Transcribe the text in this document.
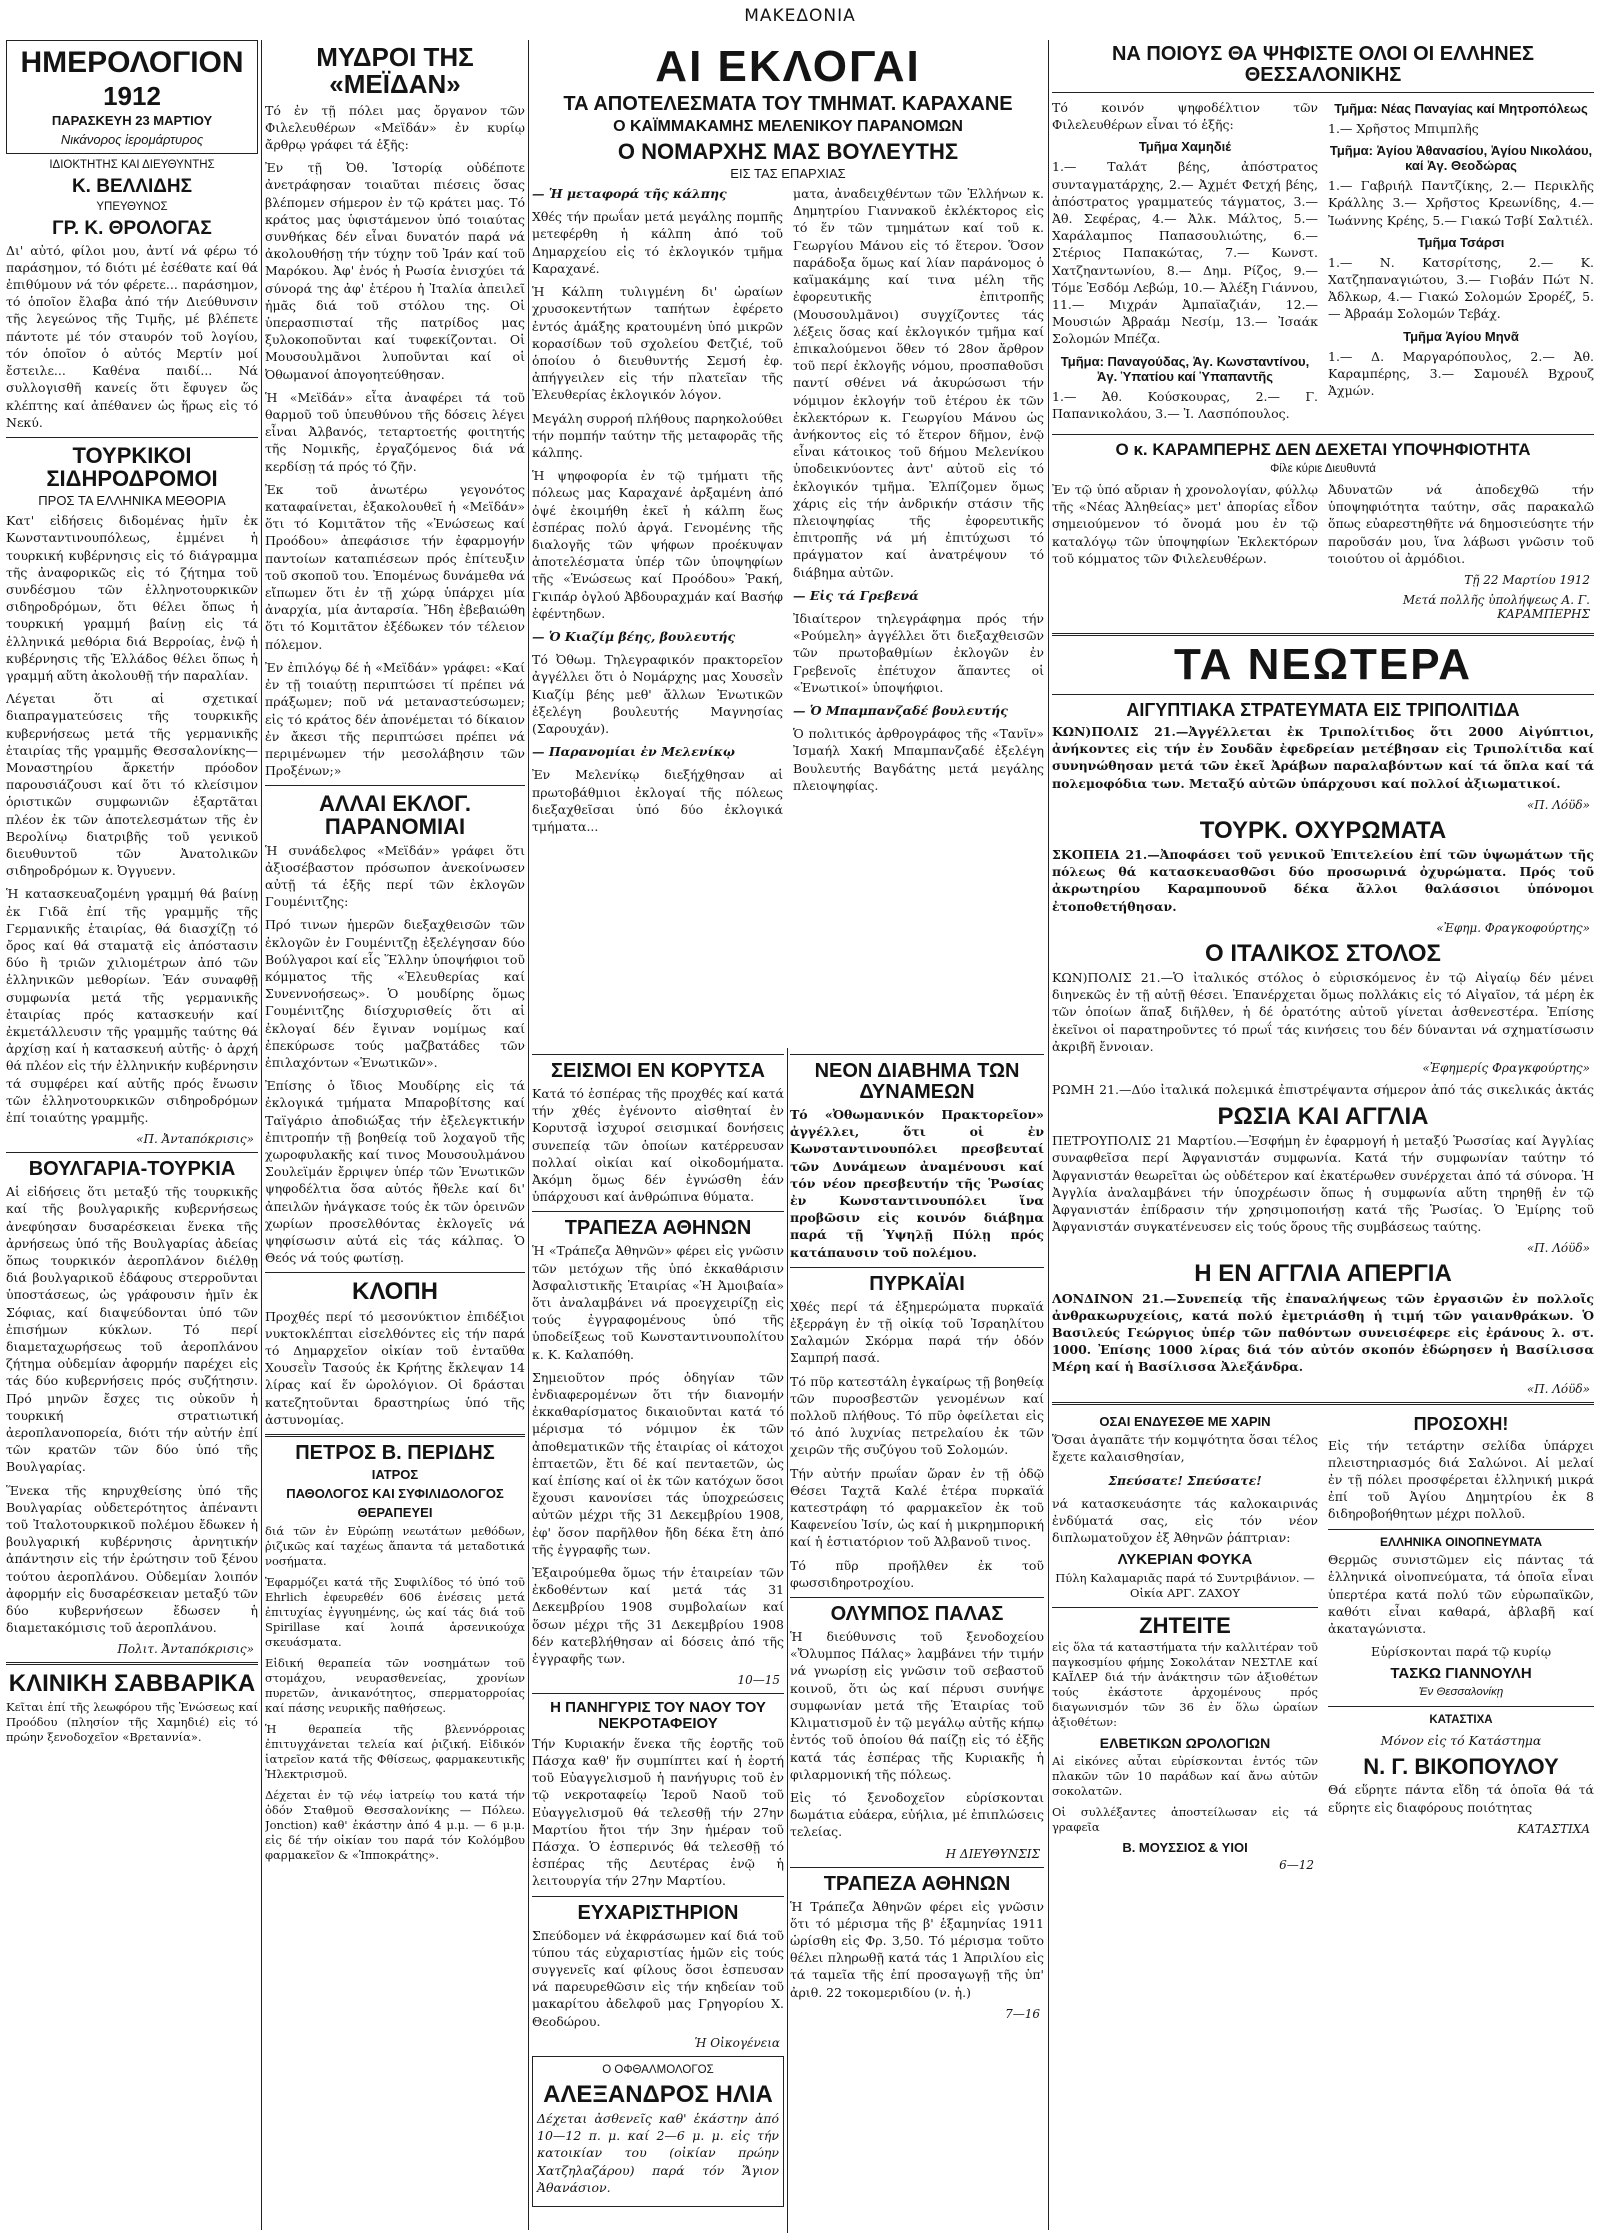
ΜΑΚΕΔΟΝΙΑ
ΗΜΕΡΟΛΟΓΙΟΝ
1912
ΠΑΡΑΣΚΕΥΗ 23 ΜΑΡΤΙΟΥ
Νικάνορος ἱερομάρτυρος
ΙΔΙΟΚΤΗΤΗΣ ΚΑΙ ΔΙΕΥΘΥΝΤΗΣ
Κ. ΒΕΛΛΙΔΗΣ
ΥΠΕΥΘΥΝΟΣ
ΓΡ. Κ. ΘΡΟΛΟΓΑΣ

Δι' αὐτό, φίλοι μου, ἀντί νά φέρω τό παράσημον, τό διότι μέ ἐσέθατε καί θά ἐπιθύμουν νά τόν φέρετε... παράσημον, τό ὁποῖον ἔλαβα ἀπό τήν Διεύθυνσιν τῆς λεγεώνος τῆς Τιμῆς, μέ βλέπετε πάντοτε μέ τόν σταυρόν τοῦ λογίου, τόν ὁποῖον ὁ αὐτός Μερτίν μοί ἔστειλε... Καθένα παιδί... Νά συλλογισθῆ κανείς ὅτι ἔφυγεν ὥς κλέπτης καί ἀπέθανεν ὡς ἥρως εἰς τό Νεκύ.

ΤΟΥΡΚΙΚΟΙ ΣΙΔΗΡΟΔΡΟΜΟΙ
ΠΡΟΣ ΤΑ ΕΛΛΗΝΙΚΑ ΜΕΘΟΡΙΑ

Κατ' εἰδήσεις διδομένας ἡμῖν ἐκ Κωνσταντινουπόλεως, ἐμμένει ἡ τουρκική κυβέρνησις εἰς τό διάγραμμα τῆς ἀναφορικῶς εἰς τό ζήτημα τοῦ συνδέσμου τῶν ἑλληνοτουρκικῶν σιδηροδρόμων, ὅτι θέλει ὅπως ἡ τουρκική γραμμή βαίνῃ εἰς τά ἑλληνικά μεθόρια διά Βερροίας, ἐνῷ ἡ κυβέρνησις τῆς Ἑλλάδος θέλει ὅπως ἡ γραμμή αὕτη ἀκολουθῇ τήν παραλίαν.

Λέγεται ὅτι αἱ σχετικαί διαπραγματεύσεις τῆς τουρκικῆς κυβερνήσεως μετά τῆς γερμανικῆς ἑταιρίας τῆς γραμμῆς Θεσσαλονίκης—Μοναστηρίου ἄρκετήν πρόοδον παρουσιάζουσι καί ὅτι τό κλείσιμον ὁριστικῶν συμφωνιῶν ἐξαρτᾶται πλέον ἐκ τῶν ἀποτελεσμάτων τῆς ἐν Βερολίνῳ διατριβῆς τοῦ γενικοῦ διευθυντοῦ τῶν Ἀνατολικῶν σιδηροδρόμων κ. Ὀγγυενν.

Ἡ κατασκευαζομένη γραμμή θά βαίνῃ ἐκ Γιδᾶ ἐπί τῆς γραμμῆς τῆς Γερμανικῆς ἑταιρίας, θά διασχίζῃ τό ὄρος καί θά σταματᾷ εἰς ἀπόστασιν δύο ἢ τριῶν χιλιομέτρων ἀπό τῶν ἑλληνικῶν μεθορίων. Ἐάν συναφθῇ συμφωνία μετά τῆς γερμανικῆς ἑταιρίας πρός κατασκευήν καί ἐκμετάλλευσιν τῆς γραμμῆς ταύτης θά ἀρχίσῃ καί ἡ κατασκευή αὐτῆς· ὁ ἀρχή θά πλέον εἰς τήν ἑλληνικήν κυβέρνησιν τά συμφέρει καί αὐτῆς πρός ἔνωσιν τῶν ἑλληνοτουρκικῶν σιδηροδρόμων ἐπί τοιαύτης γραμμῆς.

«Π. Ἀνταπόκρισις»
ΒΟΥΛΓΑΡΙΑ-ΤΟΥΡΚΙΑ

Αἱ εἰδήσεις ὅτι μεταξύ τῆς τουρκικῆς καί τῆς βουλγαρικῆς κυβερνήσεως ἀνεφύησαν δυσαρέσκειαι ἕνεκα τῆς ἀρνήσεως ὑπό τῆς Βουλγαρίας ἀδείας ὅπως τουρκικόν ἀεροπλάνον διέλθῃ διά βουλγαρικοῦ ἐδάφους στερροῦνται ὑποστάσεως, ὡς γράφουσιν ἡμῖν ἐκ Σόφιας, καί διαψεύδονται ὑπό τῶν ἐπισήμων κύκλων. Τό περί διαμεταχωρήσεως τοῦ ἀεροπλάνου ζήτημα οὐδεμίαν ἀφορμήν παρέχει εἰς τάς δύο κυβερνήσεις πρός συζήτησιν. Πρό μηνῶν ἔσχες τις οὐκοῦν ἡ τουρκική στρατιωτική ἀεροπλανοπορεία, διότι τήν αὐτήν ἐπί τῶν κρατῶν τῶν δύο ὑπό τῆς Βουλγαρίας.

Ἕνεκα τῆς κηρυχθείσης ὑπό τῆς Βουλγαρίας οὐδετερότητος ἀπέναντι τοῦ Ἰταλοτουρκικοῦ πολέμου ἔδωκεν ἡ βουλγαρική κυβέρνησις ἀρνητικήν ἀπάντησιν εἰς τήν ἐρώτησιν τοῦ ξένου τούτου ἀεροπλάνου. Οὐδεμίαν λοιπόν ἀφορμήν εἰς δυσαρέσκειαν μεταξύ τῶν δύο κυβερνήσεων ἔδωσεν ἡ διαμετακόμισις τοῦ ἀεροπλάνου.

Πολιτ. Ἀνταπόκρισις»
ΚΛΙΝΙΚΗ ΣΑΒΒΑΡΙΚΑ

Κεῖται ἐπί τῆς λεωφόρου τῆς Ἐνώσεως καί Προόδου (πλησίον τῆς Χαμηδιέ) εἰς τό πρώην ξενοδοχεῖον «Βρεταννία».

ΜΥΔΡΟΙ ΤΗΣ «ΜΕΪΔΑΝ»

Τό ἐν τῇ πόλει μας ὄργανον τῶν Φιλελευθέρων «Μεϊδάν» ἐν κυρίῳ ἄρθρῳ γράφει τά ἑξῆς:

Ἐν τῇ Ὀθ. Ἱστορίᾳ οὐδέποτε ἀνετράφησαν τοιαῦται πιέσεις ὅσας βλέπομεν σήμερον ἐν τῷ κράτει μας. Τό κράτος μας ὑφιστάμενον ὑπό τοιαύτας συνθήκας δέν εἶναι δυνατόν παρά νά ἀκολουθήσῃ τήν τύχην τοῦ Ἰράν καί τοῦ Μαρόκου. Ἀφ' ἑνός ἡ Ρωσία ἐνισχύει τά σύνορά της ἀφ' ἑτέρου ἡ Ἰταλία ἀπειλεῖ ἡμᾶς διά τοῦ στόλου της. Οἱ ὑπερασπισταί τῆς πατρίδος μας ξυλοκοποῦνται καί τυφεκίζονται. Οἱ Μουσουλμᾶνοι λυποῦνται καί οἱ Ὀθωμανοί ἀπογοητεύθησαν.

Ἡ «Μεϊδάν» εἶτα ἀναφέρει τά τοῦ θαρμοῦ τοῦ ὑπευθύνου τῆς δόσεις λέγει εἶναι Ἀλβανός, τεταρτοετής φοιτητής τῆς Νομικῆς, ἐργαζόμενος διά νά κερδίσῃ τά πρός τό ζῆν.

Ἐκ τοῦ ἀνωτέρω γεγονότος καταφαίνεται, ἐξακολουθεῖ ἡ «Μεϊδάν» ὅτι τό Κομιτᾶτον τῆς «Ἑνώσεως καί Προόδου» ἀπεφάσισε τήν ἐφαρμογήν παντοίων καταπιέσεων πρός ἐπίτευξιν τοῦ σκοποῦ του. Ἐπομένως δυνάμεθα νά εἴπωμεν ὅτι ἐν τῇ χώρᾳ ὑπάρχει μία ἀναρχία, μία ἀνταρσία. Ἤδη ἐβεβαιώθη ὅτι τό Κομιτᾶτον ἐξέδωκεν τόν τέλειον πόλεμον.

Ἐν ἐπιλόγῳ δέ ἡ «Μεϊδάν» γράφει: «Καί ἐν τῇ τοιαύτῃ περιπτώσει τί πρέπει νά πράξωμεν; ποῦ νά μεταναστεύσωμεν; εἰς τό κράτος δέν ἀπονέμεται τό δίκαιον ἐν ἄκεσι τῆς περιπτώσει πρέπει νά περιμένωμεν τήν μεσολάβησιν τῶν Προξένων;»

ΑΛΛΑΙ ΕΚΛΟΓ. ΠΑΡΑΝΟΜΙΑΙ

Ἡ συνάδελφος «Μεϊδάν» γράφει ὅτι ἀξιοσέβαστον πρόσωπον ἀνεκοίνωσεν αὐτῇ τά ἑξῆς περί τῶν ἐκλογῶν Γουμένιτζης:

Πρό τινων ἡμερῶν διεξαχθεισῶν τῶν ἐκλογῶν ἐν Γουμένιτζῃ ἐξελέγησαν δύο Βούλγαροι καί εἷς Ἕλλην ὑποψήφιοι τοῦ κόμματος τῆς «Ἐλευθερίας καί Συνεννοήσεως». Ὁ μουδίρης ὅμως Γουμένιτζης διίσχυρισθείς ὅτι αἱ ἐκλογαί δέν ἔγιναν νομίμως καί ἐπεκύρωσε τούς μαζβατάδες τῶν ἐπιλαχόντων «Ἑνωτικῶν».

Ἐπίσης ὁ ἴδιος Μουδίρης εἰς τά ἐκλογικά τμήματα Μπαροβίτσης καί Ταϊγάριο ἀποδιώξας τήν ἐξελεγκτικήν ἐπιτροπήν τῇ βοηθείᾳ τοῦ λοχαγοῦ τῆς χωροφυλακῆς καί τινος Μουσουλμάνου Σουλεϊμάν ἔρριψεν ὑπέρ τῶν Ἑνωτικῶν ψηφοδέλτια ὅσα αὐτός ἤθελε καί δι' ἀπειλῶν ἠνάγκασε τούς ἐκ τῶν ὁρεινῶν χωρίων προσελθόντας ἐκλογεῖς νά ψηφίσωσιν αὐτά εἰς τάς κάλπας. Ὁ Θεός νά τούς φωτίσῃ.

ΚΛΟΠΗ

Προχθές περί τό μεσονύκτιον ἐπιδέξιοι νυκτοκλέπται εἰσελθόντες εἰς τήν παρά τό Δημαρχεῖον οἰκίαν τοῦ ἐνταῦθα Χουσεῒν Τασούς ἐκ Κρήτης ἔκλεψαν 14 λίρας καί ἕν ὡρολόγιον. Οἱ δράσται κατεζητοῦνται δραστηρίως ὑπό τῆς ἀστυνομίας.

ΠΕΤΡΟΣ Β. ΠΕΡΙΔΗΣ
ΙΑΤΡΟΣ
ΠΑΘΟΛΟΓΟΣ ΚΑΙ ΣΥΦΙΛΙΔΟΛΟΓΟΣ
ΘΕΡΑΠΕΥΕΙ

διά τῶν ἐν Εὐρώπῃ νεωτάτων μεθόδων, ῥιζικῶς καί ταχέως ἅπαντα τά μεταδοτικά νοσήματα.

Ἐφαρμόζει κατά τῆς Συφιλίδος τό ὑπό τοῦ Ehrlich ἐφευρεθέν 606 ἐνέσεις μετά ἐπιτυχίας ἐγγυημένης, ὡς καί τάς διά τοῦ Spirillase καί λοιπά ἀρσενικούχα σκευάσματα.

Εἰδική θεραπεία τῶν νοσημάτων τοῦ στομάχου, νευρασθενείας, χρονίων πυρετῶν, ἀνικανότητος, σπερματορροίας καί πάσης νευρικῆς παθήσεως.

Ἡ θεραπεία τῆς βλεννόρροιας ἐπιτυγχάνεται τελεία καί ῥιζική. Εἰδικόν ἰατρεῖον κατά τῆς Φθίσεως, φαρμακευτικῆς Ἠλεκτρισμοῦ.

Δέχεται ἐν τῷ νέῳ ἰατρείῳ του κατά τήν ὁδόν Σταθμοῦ Θεσσαλονίκης — Πόλεω. Jonction) καθ' ἑκάστην ἀπό 4 μ.μ. — 6 μ.μ. εἰς δέ τήν οἰκίαν του παρά τόν Κολόμβου φαρμακεῖον & «Ἱπποκράτης».

ΑΙ ΕΚΛΟΓΑΙ
ΤΑ ΑΠΟΤΕΛΕΣΜΑΤΑ ΤΟΥ ΤΜΗΜΑΤ. ΚΑΡΑΧΑΝΕ
Ο ΚΑΪΜΜΑΚΑΜΗΣ ΜΕΛΕΝΙΚΟΥ ΠΑΡΑΝΟΜΩΝ
Ο ΝΟΜΑΡΧΗΣ ΜΑΣ ΒΟΥΛΕΥΤΗΣ
ΕΙΣ ΤΑΣ ΕΠΑΡΧΙΑΣ
— Ἡ μεταφορά τῆς κάλπης

Χθές τήν πρωΐαν μετά μεγάλης πομπῆς μετεφέρθη ἡ κάλπη ἀπό τοῦ Δημαρχείου εἰς τό ἐκλογικόν τμῆμα Καραχανέ.

Ἡ Κάλπη τυλιγμένη δι' ὡραίων χρυσοκεντήτων ταπήτων ἐφέρετο ἐντός ἁμάξης κρατουμένη ὑπό μικρῶν κορασίδων τοῦ σχολείου Φετζιέ, τοῦ ὁποίου ὁ διευθυντής Σεμσή ἐφ. ἀπήγγειλεν εἰς τήν πλατεῖαν τῆς Ἐλευθερίας ἐκλογικόν λόγον.

Μεγάλη συρροή πλήθους παρηκολούθει τήν πομπήν ταύτην τῆς μεταφορᾶς τῆς κάλπης.

Ἡ ψηφοφορία ἐν τῷ τμήματι τῆς πόλεως μας Καραχανέ ἀρξαμένη ἀπό ὀψέ ἐκοιμήθη ἐκεῖ ἡ κάλπη ἕως ἐσπέρας πολύ ἀργά. Γενομένης τῆς διαλογῆς τῶν ψήφων προέκυψαν ἀποτελέσματα ὑπέρ τῶν ὑποψηφίων τῆς «Ἑνώσεως καί Προόδου» Ῥακή, Γκιπάρ ὀγλού Ἀβδουραχμάν καί Βασήφ ἐφέντηδων.

— Ὁ Κιαζίμ βέης, βουλευτής

Τό Ὀθωμ. Τηλεγραφικόν πρακτορεῖον ἀγγέλλει ὅτι ὁ Νομάρχης μας Χουσεῒν Κιαζίμ βέης μεθ' ἄλλων Ἑνωτικῶν ἐξελέγη βουλευτής Μαγνησίας (Σαρουχάν).

— Παρανομίαι ἐν Μελενίκῳ

Ἐν Μελενίκῳ διεξήχθησαν αἱ πρωτοβάθμιοι ἐκλογαί τῆς πόλεως διεξαχθεῖσαι ὑπό δύο ἐκλογικά τμήματα...

ματα, ἀναδειχθέντων τῶν Ἑλλήνων κ. Δημητρίου Γιαννακοῦ ἐκλέκτορος εἰς τό ἕν τῶν τμημάτων καί τοῦ κ. Γεωργίου Μάνου εἰς τό ἕτερον. Ὅσον παράδοξα ὅμως καί λίαν παράνομος ὁ καϊμακάμης καί τινα μέλη τῆς ἐφορευτικῆς ἐπιτροπῆς (Μουσουλμᾶνοι) συγχίζοντες τάς λέξεις ὅσας καί ἐκλογικόν τμῆμα καί ἐπικαλούμενοι ὅθεν τό 28ον ἄρθρον τοῦ περί ἐκλογῆς νόμου, προσπαθοῦσι παντί σθένει νά ἀκυρώσωσι τήν νόμιμον ἐκλογήν τοῦ ἑτέρου ἐκ τῶν ἐκλεκτόρων κ. Γεωργίου Μάνου ὡς ἀνήκοντος εἰς τό ἕτερον δῆμον, ἐνῷ εἶναι κάτοικος τοῦ δήμου Μελενίκου ὑποδεικνύοντες ἀντ' αὐτοῦ εἰς τό ἐκλογικόν τμῆμα. Ἐλπίζομεν ὅμως χάρις εἰς τήν ἀνδρικήν στάσιν τῆς πλειοψηφίας τῆς ἐφορευτικῆς ἐπιτροπῆς νά μή ἐπιτύχωσι τό πράγματον καί ἀνατρέψουν τό διάβημα αὐτῶν.

— Εἰς τά Γρεβενά

Ἰδιαίτερον τηλεγράφημα πρός τήν «Ρούμελη» ἀγγέλλει ὅτι διεξαχθεισῶν τῶν πρωτοβαθμίων ἐκλογῶν ἐν Γρεβενοῖς ἐπέτυχον ἅπαντες οἱ «Ἑνωτικοί» ὑποψήφιοι.

— Ὁ Μπαμπανζαδέ βουλευτής

Ὁ πολιτικός ἀρθρογράφος τῆς «Τανῖν» Ἰσμαήλ Χακή Μπαμπανζαδέ ἐξελέγη Βουλευτής Βαγδάτης μετά μεγάλης πλειοψηφίας.

ΣΕΙΣΜΟΙ ΕΝ ΚΟΡΥΤΣΑ

Κατά τό ἑσπέρας τῆς προχθές καί κατά τήν χθές ἐγένοντο αἰσθηταί ἐν Κορυτσᾷ ἰσχυροί σεισμικαί δονήσεις συνεπείᾳ τῶν ὁποίων κατέρρευσαν πολλαί οἰκίαι καί οἰκοδομήματα. Ἀκόμη ὅμως δέν ἐγνώσθη ἐάν ὑπάρχουσι καί ἀνθρώπινα θύματα.

ΤΡΑΠΕΖΑ ΑΘΗΝΩΝ

Ἡ «Τράπεζα Ἀθηνῶν» φέρει εἰς γνῶσιν τῶν μετόχων τῆς ὑπό ἐκκαθάρισιν Ἀσφαλιστικῆς Ἑταιρίας «Ἡ Ἀμοιβαία» ὅτι ἀναλαμβάνει νά προεγχειρίζῃ εἰς τούς ἐγγραφομένους ὑπό τῆς ὑποδείξεως τοῦ Κωνσταντινουπολίτου κ. Κ. Καλαπόθη.

Σημειοῦτον πρός ὁδηγίαν τῶν ἐνδιαφερομένων ὅτι τήν διανομήν ἐκκαθαρίσματος δικαιοῦνται κατά τό μέρισμα τό νόμιμον ἐκ τῶν ἀποθεματικῶν τῆς ἑταιρίας οἱ κάτοχοι ἑπταετῶν, ἔτι δέ καί πενταετῶν, ὡς καί ἐπίσης καί οἱ ἐκ τῶν κατόχων ὅσοι ἔχουσι κανονίσει τάς ὑποχρεώσεις αὐτῶν μέχρι τῆς 31 Δεκεμβρίου 1908, ἐφ' ὅσον παρῆλθον ἤδη δέκα ἔτη ἀπό τῆς ἐγγραφῆς των.

Ἐξαιρούμεθα ὅμως τήν ἑταιρείαν τῶν ἐκδοθέντων καί μετά τάς 31 Δεκεμβρίου 1908 συμβολαίων καί ὅσων μέχρι τῆς 31 Δεκεμβρίου 1908 δέν κατεβλήθησαν αἱ δόσεις ἀπό τῆς ἐγγραφῆς των.

10—15
Η ΠΑΝΗΓΥΡΙΣ ΤΟΥ ΝΑΟΥ ΤΟΥ ΝΕΚΡΟΤΑΦΕΙΟΥ

Τήν Κυριακήν ἕνεκα τῆς ἑορτῆς τοῦ Πάσχα καθ' ἥν συμπίπτει καί ἡ ἑορτή τοῦ Εὐαγγελισμοῦ ἡ πανήγυρις τοῦ ἐν τῷ νεκροταφείῳ Ἱεροῦ Ναοῦ τοῦ Εὐαγγελισμοῦ θά τελεσθῇ τήν 27ην Μαρτίου ἤτοι τήν 3ην ἡμέραν τοῦ Πάσχα. Ὁ ἑσπερινός θά τελεσθῇ τό ἑσπέρας τῆς Δευτέρας ἐνῷ ἡ λειτουργία τήν 27ην Μαρτίου.

ΕΥΧΑΡΙΣΤΗΡΙΟΝ

Σπεύδομεν νά ἐκφράσωμεν καί διά τοῦ τύπου τάς εὐχαριστίας ἡμῶν εἰς τούς συγγενεῖς καί φίλους ὅσοι ἐσπευσαν νά παρευρεθῶσιν εἰς τήν κηδείαν τοῦ μακαρίτου ἀδελφοῦ μας Γρηγορίου Χ. Θεοδώρου.

Ἡ Οἰκογένεια
Ο ΟΦΘΑΛΜΟΛΟΓΟΣ
ΑΛΕΞΑΝΔΡΟΣ ΗΛΙΑ

Δέχεται ἀσθενεῖς καθ' ἑκάστην ἀπό 10—12 π. μ. καί 2—6 μ. μ. εἰς τήν κατοικίαν του (οἰκίαν πρώην Χατζηλαζάρου) παρά τόν Ἅγιον Ἀθανάσιον.

ΝΕΟΝ ΔΙΑΒΗΜΑ ΤΩΝ ΔΥΝΑΜΕΩΝ

Τό «Ὀθωμανικόν Πρακτορεῖον» ἀγγέλλει, ὅτι οἱ ἐν Κωνσταντινουπόλει πρεσβευταί τῶν Δυνάμεων ἀναμένουσι καί τόν νέον πρεσβευτήν τῆς Ῥωσίας ἐν Κωνσταντινουπόλει ἵνα προβῶσιν εἰς κοινόν διάβημα παρά τῇ Ὑψηλῇ Πύλῃ πρός κατάπαυσιν τοῦ πολέμου.

ΠΥΡΚΑΪΑΙ

Χθές περί τά ἐξημερώματα πυρκαϊά ἐξερράγη ἐν τῇ οἰκίᾳ τοῦ Ἰσραηλίτου Σαλαμών Σκόρμα παρά τήν ὁδόν Σαμπρή πασά.

Τό πῦρ κατεστάλη ἐγκαίρως τῇ βοηθείᾳ τῶν πυροσβεστῶν γενομένων καί πολλοῦ πλήθους. Τό πῦρ ὀφείλεται εἰς τό ἀπό λυχνίας πετρελαίου ἐκ τῶν χειρῶν τῆς συζύγου τοῦ Σολομών.

Τήν αὐτήν πρωΐαν ὥραν ἐν τῇ ὁδῷ Θέσει Ταχτᾶ Καλέ ἑτέρα πυρκαϊά κατεστράφη τό φαρμακεῖον ἐκ τοῦ Καφενείου Ἰσίν, ὡς καί ἡ μικρημπορική καί ἡ ἑστιατόριον τοῦ Ἀλβανοῦ τινος.

Τό πῦρ προῆλθεν ἐκ τοῦ φωσσιδηροτροχίου.

ΟΛΥΜΠΟΣ ΠΑΛΑΣ

Ἡ διεύθυνσις τοῦ ξενοδοχείου «Ὄλυμπος Πάλας» λαμβάνει τήν τιμήν νά γνωρίσῃ εἰς γνῶσιν τοῦ σεβαστοῦ κοινοῦ, ὅτι ὡς καί πέρυσι συνήψε συμφωνίαν μετά τῆς Ἑταιρίας τοῦ Κλιματισμοῦ ἐν τῷ μεγάλῳ αὐτῆς κήπῳ ἐντός τοῦ ὁποίου θά παίζῃ εἰς τό ἐξῆς κατά τάς ἑσπέρας τῆς Κυριακῆς ἡ φιλαρμονική τῆς πόλεως.

Εἰς τό ξενοδοχεῖον εὑρίσκονται δωμάτια εὐάερα, εὐήλια, μέ ἐπιπλώσεις τελείας.

Η ΔΙΕΥΘΥΝΣΙΣ
ΤΡΑΠΕΖΑ ΑΘΗΝΩΝ

Ἡ Τράπεζα Ἀθηνῶν φέρει εἰς γνῶσιν ὅτι τό μέρισμα τῆς β' ἑξαμηνίας 1911 ὡρίσθη εἰς Φρ. 3,50. Τό μέρισμα τοῦτο θέλει πληρωθῇ κατά τάς 1 Ἀπριλίου εἰς τά ταμεῖα τῆς ἐπί προσαγωγῇ τῆς ὑπ' ἀριθ. 22 τοκομεριδίου (ν. ἡ.)

7—16
ΝΑ ΠΟΙΟΥΣ ΘΑ ΨΗΦΙΣΤΕ ΟΛΟΙ ΟΙ ΕΛΛΗΝΕΣ ΘΕΣΣΑΛΟΝΙΚΗΣ

Τό κοινόν ψηφοδέλτιον τῶν Φιλελευθέρων εἶναι τό ἑξῆς:

Τμῆμα Χαμηδιέ

1.— Ταλάτ βέης, ἀπόστρατος συνταγματάρχης, 2.— Ἀχμέτ Φετχή βέης, ἀπόστρατος γραμματεύς τάγματος, 3.— Ἀθ. Σεφέρας, 4.— Ἀλκ. Μάλτος, 5.— Χαράλαμπος Παπασουλιώτης, 6.— Στέριος Παπακώτας, 7.— Κωνστ. Χατζηαντωνίου, 8.— Δημ. Ρίζος, 9.— Τόμε Ἐσδόμ Λεβώμ, 10.— Ἀλέξη Γιάννου, 11.— Μιχράν Ἀμπαϊαζιάν, 12.— Μουσιών Ἀβραάμ Νεσίμ, 13.— Ἰσαάκ Σολομών Μπέζα.

Τμῆμα: Παναγούδας, Ἁγ. Κωνσταντίνου, Ἁγ. Ὑπατίου καί Ὑπαπαντῆς

1.— Ἀθ. Κούσκουρας, 2.— Γ. Παπανικολάου, 3.— Ἰ. Λασπόπουλος.

Τμῆμα: Νέας Παναγίας καί Μητροπόλεως

1.— Χρῆστος Μπιμπλῆς

Τμῆμα: Ἁγίου Ἀθανασίου, Ἁγίου Νικολάου, καί Ἁγ. Θεοδώρας

1.— Γαβριήλ Παντζίκης, 2.— Περικλῆς Κράλλης 3.— Χρῆστος Κρεωνίδης, 4.— Ἰωάννης Κρέης, 5.— Γιακώ Τσβί Σαλτιέλ.

Τμῆμα Τσάρσι

1.— Ν. Κατσρίτσης, 2.— Κ. Χατζηπαναγιώτου, 3.— Γιοβάν Πώτ Ν. Ἀδλκωρ, 4.— Γιακώ Σολομών Σρορέζ, 5.— Ἀβραάμ Σολομών Τεβάχ.

Τμῆμα Ἁγίου Μηνᾶ

1.— Δ. Μαργαρόπουλος, 2.— Ἀθ. Καραμπέρης, 3.— Σαμουέλ Βχρουζ Ἀχμών.

Ο κ. ΚΑΡΑΜΠΕΡΗΣ ΔΕΝ ΔΕΧΕΤΑΙ ΥΠΟΨΗΦΙΟΤΗΤΑ
Φίλε κύριε Διευθυντά

Ἐν τῷ ὑπό αὔριαν ἡ χρονολογίαν, φύλλῳ τῆς «Νέας Ἀληθείας» μετ' ἀπορίας εἶδον σημειούμενον τό ὄνομά μου ἐν τῷ καταλόγῳ τῶν ὑποψηφίων Ἐκλεκτόρων τοῦ κόμματος τῶν Φιλελευθέρων.

Ἀδυνατῶν νά ἀποδεχθῶ τήν ὑποψηφιότητα ταύτην, σᾶς παρακαλῶ ὅπως εὐαρεστηθῆτε νά δημοσιεύσητε τήν παροῦσάν μου, ἵνα λάβωσι γνῶσιν τοῦ τοιούτου οἱ ἀρμόδιοι.

Τῇ 22 Μαρτίου 1912
Μετά πολλῆς ὑπολήψεως Α. Γ. ΚΑΡΑΜΠΕΡΗΣ
ΤΑ ΝΕΩΤΕΡΑ
ΑΙΓΥΠΤΙΑΚΑ ΣΤΡΑΤΕΥΜΑΤΑ ΕΙΣ ΤΡΙΠΟΛΙΤΙΔΑ

ΚΩΝ)ΠΟΛΙΣ 21.—Ἀγγέλλεται ἐκ Τριπολίτιδος ὅτι 2000 Αἰγύπτιοι, ἀνήκοντες εἰς τήν ἐν Σουδᾶν ἐφεδρείαν μετέβησαν εἰς Τριπολίτιδα καί συνηνώθησαν μετά τῶν ἐκεῖ Ἀράβων παραλαβόντων καί τά ὅπλα καί τά πολεμοφόδια των. Μεταξύ αὐτῶν ὑπάρχουσι καί πολλοί ἀξιωματικοί.

«Π. Λόϋδ»
ΤΟΥΡΚ. ΟΧΥΡΩΜΑΤΑ

ΣΚΟΠΕΙΑ 21.—Ἀποφάσει τοῦ γενικοῦ Ἐπιτελείου ἐπί τῶν ὑψωμάτων τῆς πόλεως θά κατασκευασθῶσι δύο προσωρινά ὀχυρώματα. Πρός τοῦ ἀκρωτηρίου Καραμπουνοῦ δέκα ἄλλοι θαλάσσιοι ὑπόνομοι ἐτοποθετήθησαν.

«Ἐφημ. Φραγκοφούρτης»
Ο ΙΤΑΛΙΚΟΣ ΣΤΟΛΟΣ

ΚΩΝ)ΠΟΛΙΣ 21.—Ὁ ἰταλικός στόλος ὁ εὑρισκόμενος ἐν τῷ Αἰγαίῳ δέν μένει διηνεκῶς ἐν τῇ αὐτῇ θέσει. Ἐπανέρχεται ὅμως πολλάκις εἰς τό Αἰγαῖον, τά μέρη ἐκ τῶν ὁποίων ἅπαξ διῆλθεν, ἡ δέ ὁρατότης αὐτοῦ γίνεται ἀσθενεστέρα. Ἐπίσης ἐκεῖνοι οἱ παρατηροῦντες τό πρωΐ τάς κινήσεις του δέν δύνανται νά σχηματίσωσιν ἀκριβῆ ἔννοιαν.

«Ἐφημερίς Φραγκφούρτης»

ΡΩΜΗ 21.—Δύο ἰταλικά πολεμικά ἐπιστρέψαντα σήμερον ἀπό τάς σικελικάς ἀκτάς

ΡΩΣΙΑ ΚΑΙ ΑΓΓΛΙΑ

ΠΕΤΡΟΥΠΟΛΙΣ 21 Μαρτίου.—Ἐσφήμη ἐν ἐφαρμογή ἡ μεταξύ Ῥωσσίας καί Ἀγγλίας συναφθεῖσα περί Ἀφγανιστάν συμφωνία. Κατά τήν συμφωνίαν ταύτην τό Ἀφγανιστάν θεωρεῖται ὡς οὐδέτερον καί ἐκατέρωθεν συνέρχεται ἀπό τά σύνορα. Ἡ Ἀγγλία ἀναλαμβάνει τήν ὑποχρέωσιν ὅπως ἡ συμφωνία αὕτη τηρηθῇ ἐν τῷ Ἀφγανιστάν ἐπίδρασιν τήν χρησιμοποιήσῃ κατά τῆς Ῥωσίας. Ὁ Ἐμίρης τοῦ Ἀφγανιστάν συγκατένευσεν εἰς τούς ὅρους τῆς συμβάσεως ταύτης.

«Π. Λόϋδ»
Η ΕΝ ΑΓΓΛΙΑ ΑΠΕΡΓΙΑ

ΛΟΝΔΙΝΟΝ 21.—Συνεπείᾳ τῆς ἐπαναλήψεως τῶν ἐργασιῶν ἐν πολλοῖς ἀνθρακωρυχείοις, κατά πολύ ἐμετριάσθη ἡ τιμή τῶν γαιανθράκων. Ὁ Βασιλεύς Γεώργιος ὑπέρ τῶν παθόντων συνεισέφερε εἰς ἐράνους λ. στ. 1000. Ἐπίσης 1000 λίρας διά τόν αὐτόν σκοπόν ἐδώρησεν ἡ Βασίλισσα Μέρη καί ἡ Βασίλισσα Ἀλεξάνδρα.

«Π. Λόϋδ»
ΟΣΑΙ ΕΝΔΥΕΣΘΕ ΜΕ ΧΑΡΙΝ

Ὅσαι ἀγαπᾶτε τήν κομψότητα ὅσαι τέλος ἔχετε καλαισθησίαν,

Σπεύσατε! Σπεύσατε!

νά κατασκευάσητε τάς καλοκαιρινάς ἐνδύματά σας, εἰς τόν νέον διπλωματοῦχον ἐξ Ἀθηνῶν ῥάπτριαν:

ΛΥΚΕΡΙΑΝ ΦΟΥΚΑ

Πύλη Καλαμαριᾶς παρά τό Συντριβάνιον. — Οἰκία ΑΡΓ. ΖΑΧΟΥ

ΖΗΤΕΙΤΕ

εἰς ὅλα τά καταστήματα τήν καλλιτέραν τοῦ παγκοσμίου φήμης Σοκολάταν ΝΕΣΤΛΕ καί ΚΑΪΛΕΡ διά τήν ἀνάκτησιν τῶν ἀξιοθέτων τούς ἐκάστοτε ἀρχομένους πρός διαγωνισμόν τῶν 36 ἐν ὅλω ὡραίων ἀξιοθέτων:

ΕΛΒΕΤΙΚΩΝ ΩΡΟΛΟΓΙΩΝ

Αἱ εἰκόνες αὗται εὑρίσκονται ἐντός τῶν πλακῶν τῶν 10 παράδων καί ἄνω αὐτῶν σοκολατῶν.

Οἱ συλλέξαντες ἀποστείλωσαν εἰς τά γραφεῖα

Β. ΜΟΥΣΣΙΟΣ & ΥΙΟΙ
6—12
ΠΡΟΣΟΧΗ!

Εἰς τήν τετάρτην σελίδα ὑπάρχει πλειστηριασμός διά Σαλώνοι. Αἱ μελαί ἐν τῇ πόλει προσφέρεται ἑλληνική μικρά ἐπί τοῦ Ἀγίου Δημητρίου ἐκ 8 διδηροβοήθητων μέχρι πολλοῦ.

ΕΛΛΗΝΙΚΑ ΟΙΝΟΠΝΕΥΜΑΤΑ

Θερμῶς συνιστῶμεν εἰς πάντας τά ἑλληνικά οἰνοπνεύματα, τά ὁποῖα εἶναι ὑπερτέρα κατά πολύ τῶν εὐρωπαϊκῶν, καθότι εἶναι καθαρά, ἀβλαβῆ καί ἀκαταγώνιστα.

Εὑρίσκονται παρά τῷ κυρίῳ

ΤΑΣΚΩ ΓΙΑΝΝΟΥΛΗ
Ἐν Θεσσαλονίκῃ
ΚΑΤΑΣΤΙΧΑ

Μόνον εἰς τό Κατάστημα

Ν. Γ. ΒΙΚΟΠΟΥΛΟΥ

Θά εὕρητε πάντα εἴδη τά ὁποῖα θά τά εὕρητε εἰς διαφόρους ποιότητας

ΚΑΤΑΣΤΙΧΑ
